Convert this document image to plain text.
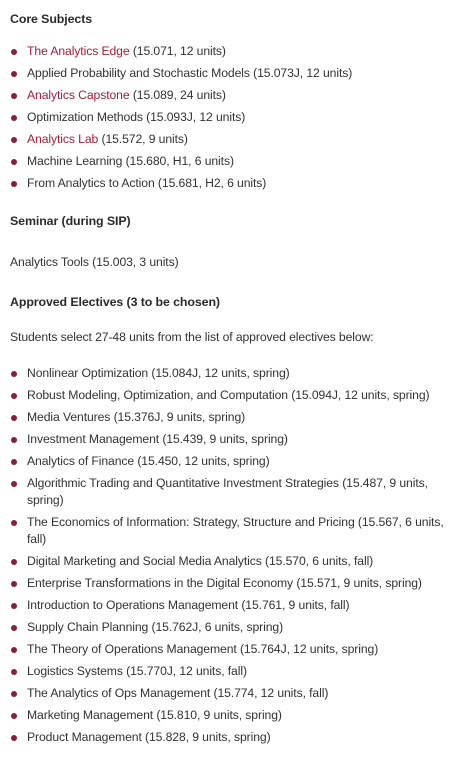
Core Subjects
The Analytics Edge (15.071, 12 units)
Applied Probability and Stochastic Models (15.073J, 12 units)
Analytics Capstone (15.089, 24 units)
Optimization Methods (15.093J, 12 units)
Analytics Lab (15.572, 9 units)
Machine Learning (15.680, H1, 6 units)
From Analytics to Action (15.681, H2, 6 units)
Seminar (during SIP)
Analytics Tools (15.003, 3 units)
Approved Electives (3 to be chosen)
Students select 27-48 units from the list of approved electives below:
Nonlinear Optimization (15.084J, 12 units, spring)
Robust Modeling, Optimization, and Computation (15.094J, 12 units, spring)
Media Ventures (15.376J, 9 units, spring)
Investment Management (15.439, 9 units, spring)
Analytics of Finance (15.450, 12 units, spring)
Algorithmic Trading and Quantitative Investment Strategies (15.487, 9 units, spring)
The Economics of Information: Strategy, Structure and Pricing (15.567, 6 units, fall)
Digital Marketing and Social Media Analytics (15.570, 6 units, fall)
Enterprise Transformations in the Digital Economy (15.571, 9 units, spring)
Introduction to Operations Management (15.761, 9 units, fall)
Supply Chain Planning (15.762J, 6 units, spring)
The Theory of Operations Management (15.764J, 12 units, spring)
Logistics Systems (15.770J, 12 units, fall)
The Analytics of Ops Management (15.774, 12 units, fall)
Marketing Management (15.810, 9 units, spring)
Product Management (15.828, 9 units, spring)
